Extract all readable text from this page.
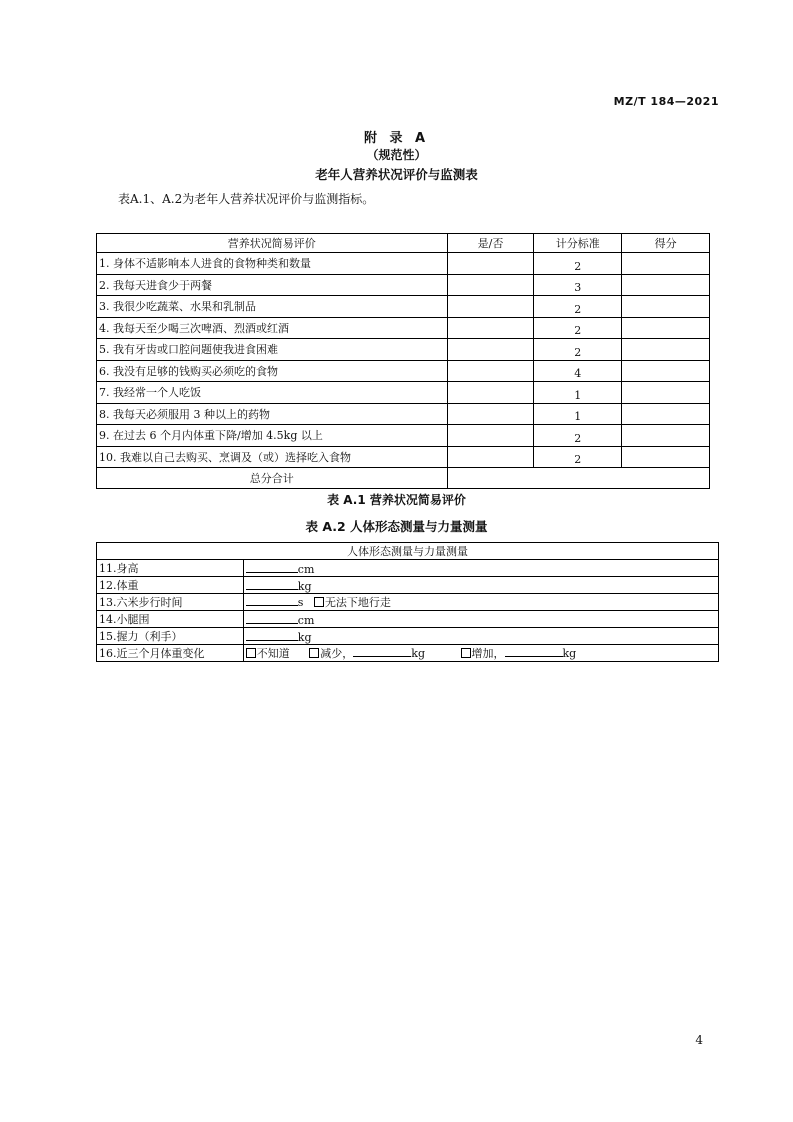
MZ/T 184—2021
附 录 A
（规范性）
老年人营养状况评价与监测表
表A.1、A.2为老年人营养状况评价与监测指标。
营养状况简易评价	是/否	计分标准	得分
1. 身体不适影响本人进食的食物种类和数量		2	
2. 我每天进食少于两餐		3	
3. 我很少吃蔬菜、水果和乳制品		2	
4. 我每天至少喝三次啤酒、烈酒或红酒		2	
5. 我有牙齿或口腔问题使我进食困难		2	
6. 我没有足够的钱购买必须吃的食物		4	
7. 我经常一个人吃饭		1	
8. 我每天必须服用 3 种以上的药物		1	
9. 在过去 6 个月内体重下降/增加 4.5kg 以上		2	
10. 我难以自己去购买、烹调及（或）选择吃入食物		2	
总分合计			
表 A.1 营养状况简易评价
表 A.2 人体形态测量与力量测量
人体形态测量与力量测量	
11.身高	cm
12.体重	kg
13.六米步行时间	s 无法下地行走
14.小腿围	cm
15.握力（利手）	kg
16.近三个月体重变化	不知道 减少， kg 增加， kg
4
